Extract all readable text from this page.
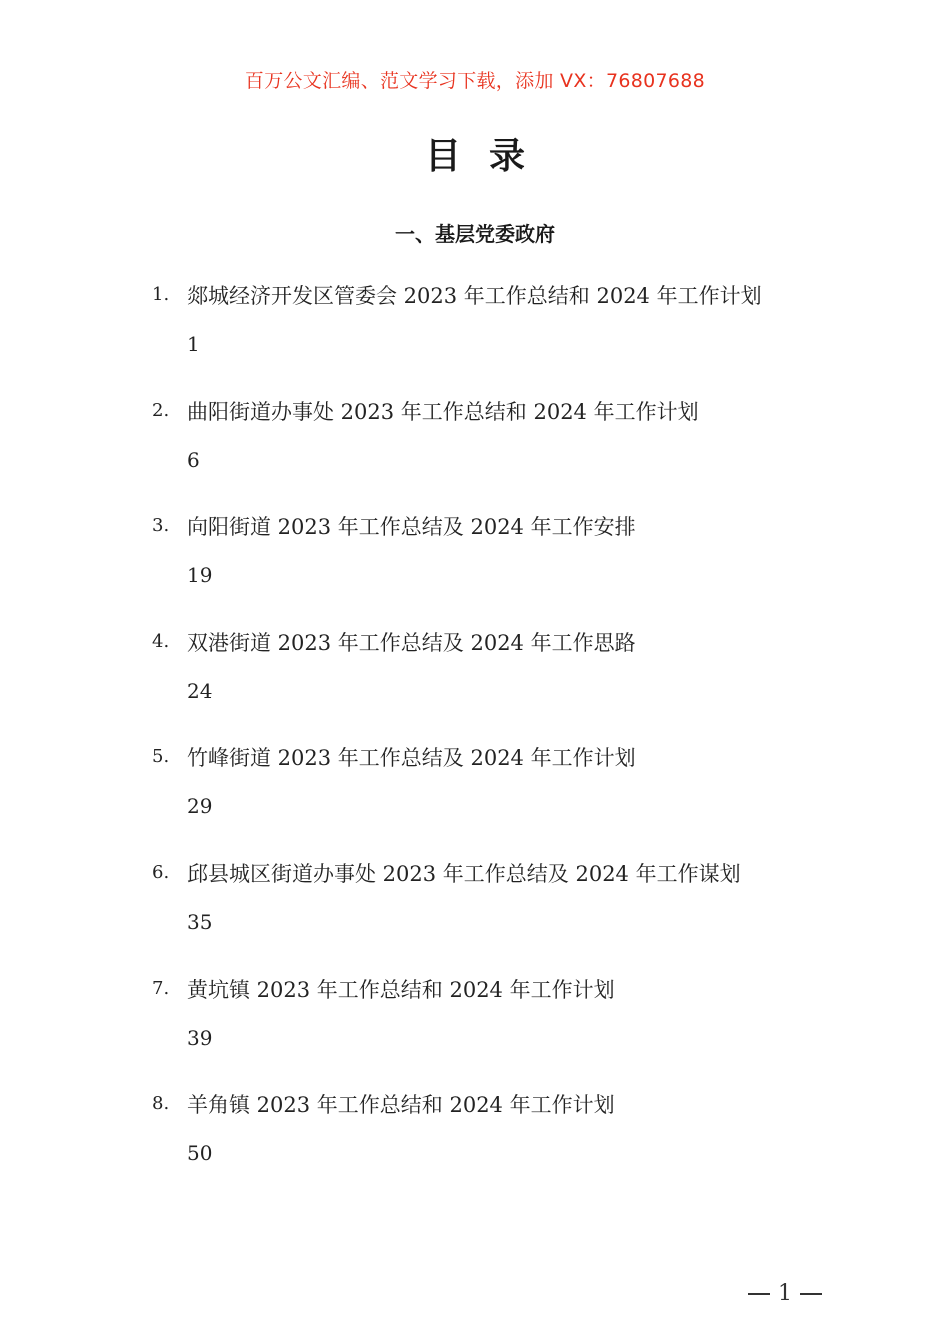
百万公文汇编、范文学习下载，添加 VX：76807688
目录
一、基层党委政府
1. 郯城经济开发区管委会 2023 年工作总结和 2024 年工作计划
1
2. 曲阳街道办事处 2023 年工作总结和 2024 年工作计划
6
3. 向阳街道 2023 年工作总结及 2024 年工作安排
19
4. 双港街道 2023 年工作总结及 2024 年工作思路
24
5. 竹峰街道 2023 年工作总结及 2024 年工作计划
29
6. 邱县城区街道办事处 2023 年工作总结及 2024 年工作谋划
35
7. 黄坑镇 2023 年工作总结和 2024 年工作计划
39
8. 羊角镇 2023 年工作总结和 2024 年工作计划
50
1
